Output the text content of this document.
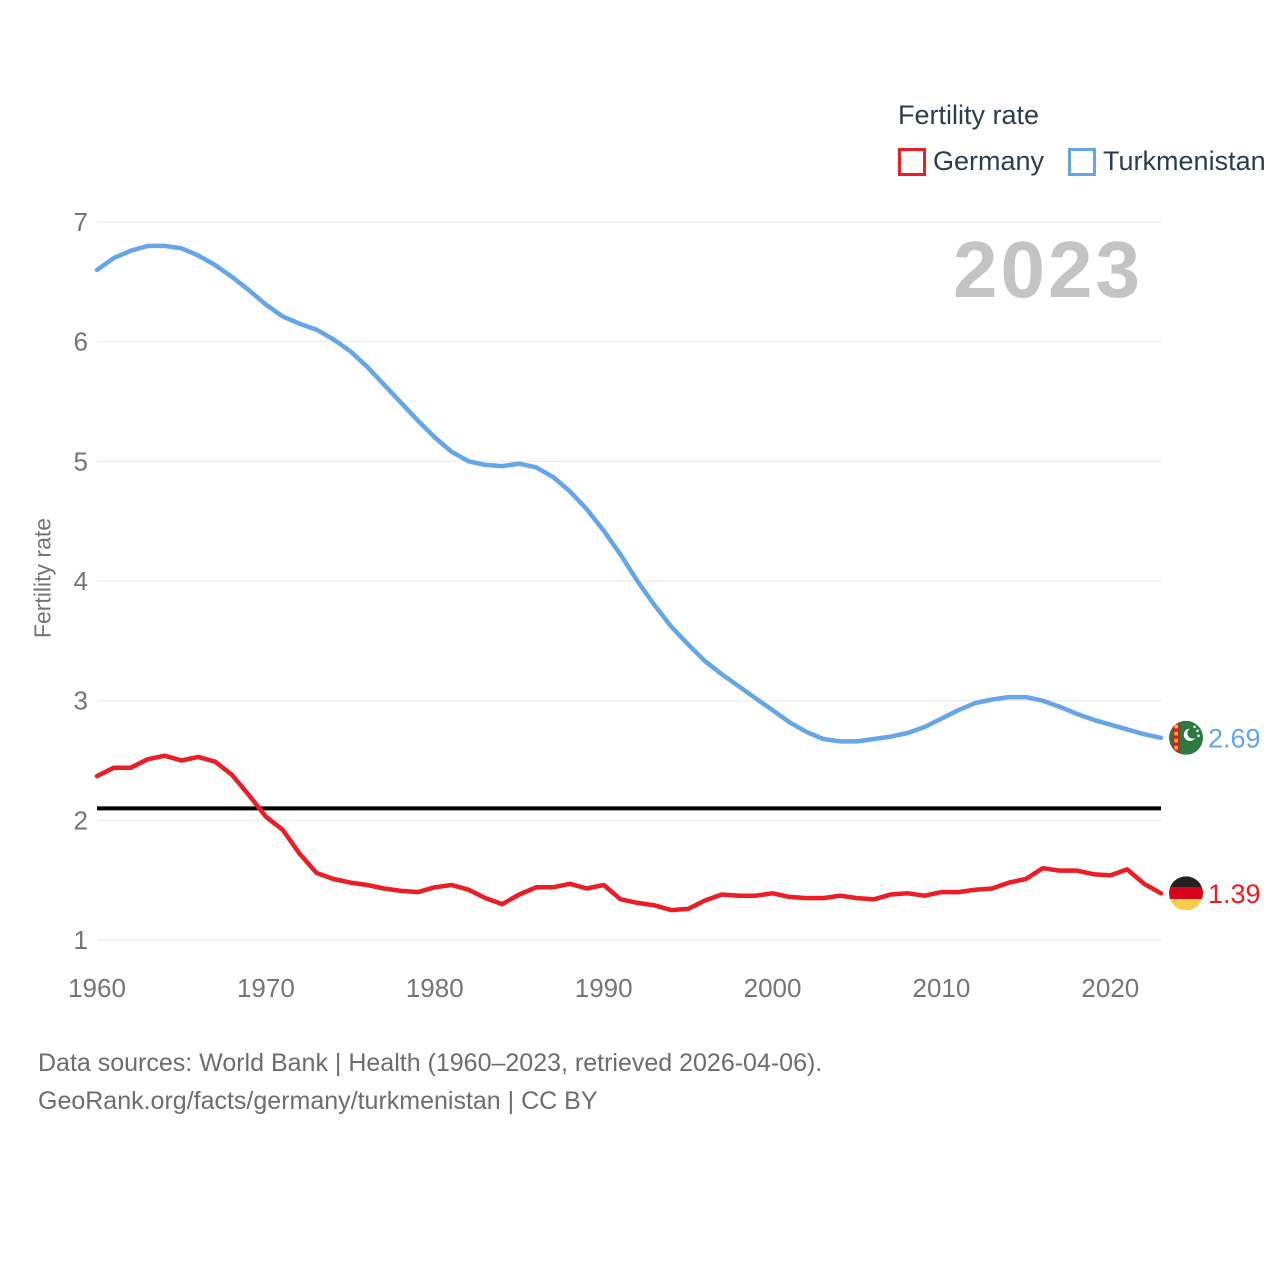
1
2
3
4
5
6
7
1960	1970	1980	1990	2000	2010	2020
2.69
1.39
Fertility rate
Germany Turkmenistan
2023
Fertility rate
Data sources: World Bank | Health (1960–2023, retrieved 2026-04-06).
GeoRank.org/facts/germany/turkmenistan | CC BY
